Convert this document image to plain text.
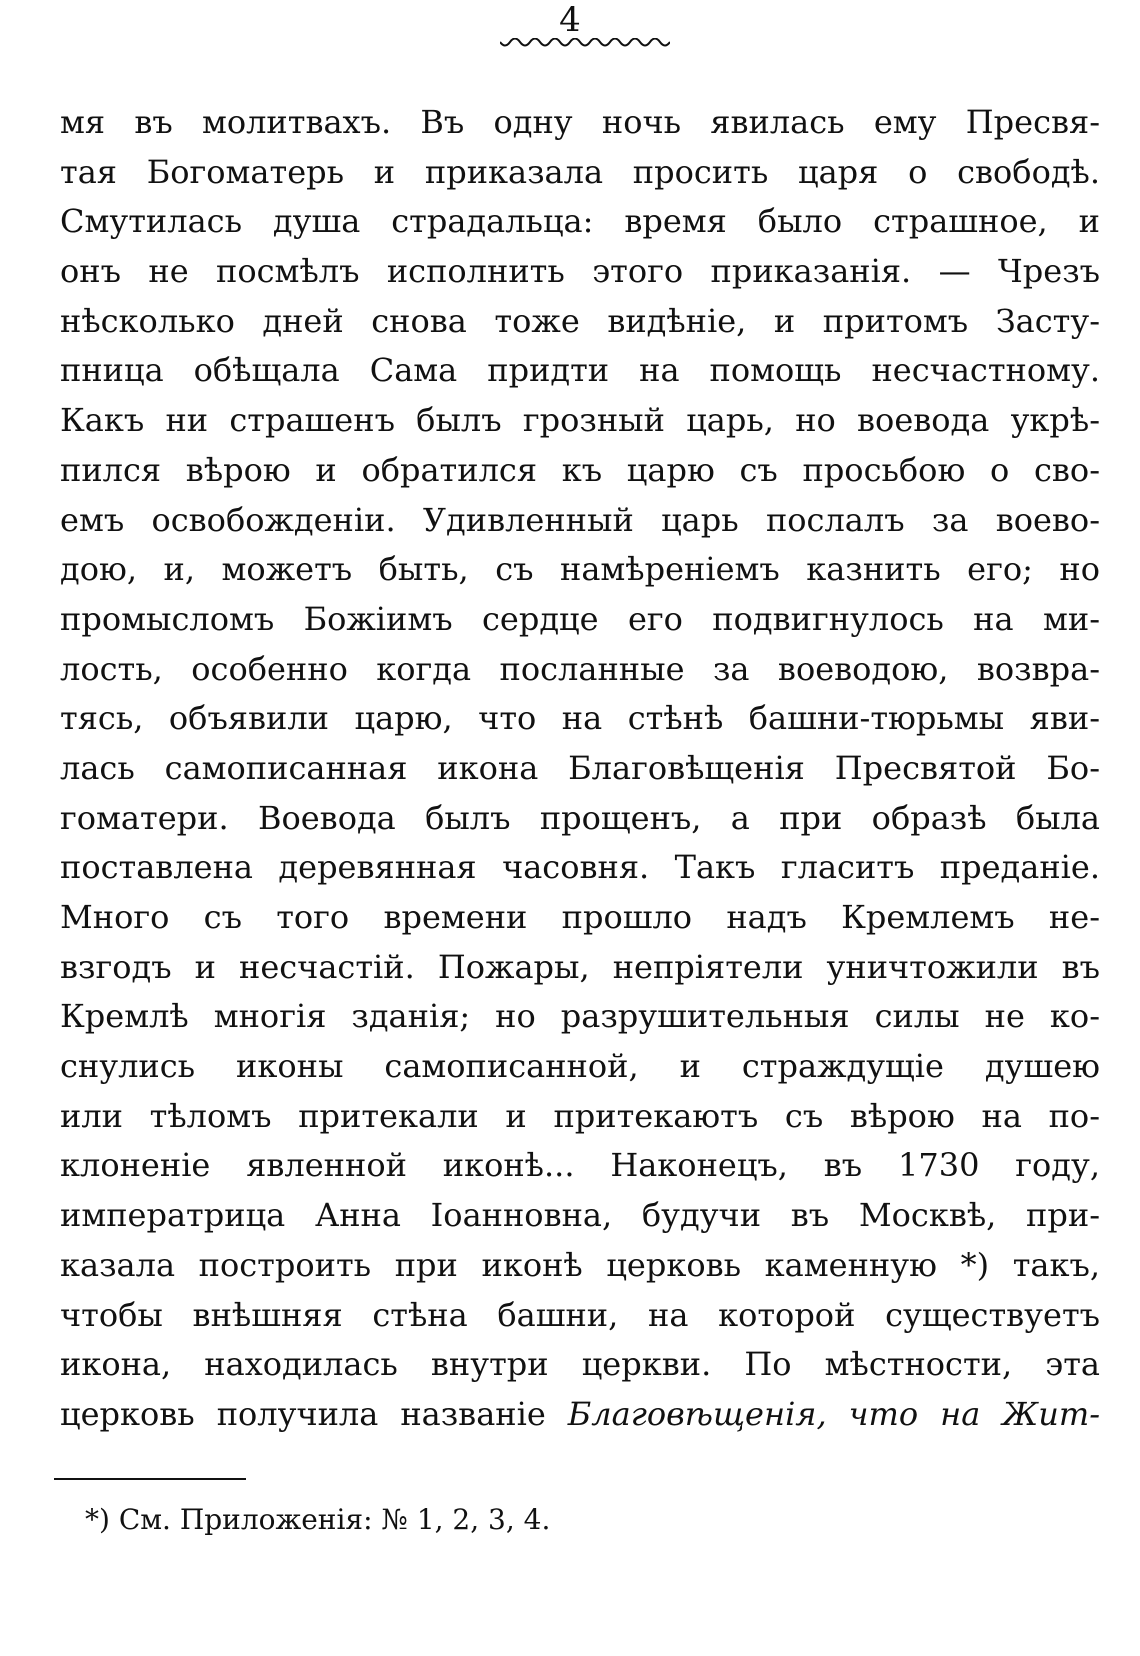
4
мя въ молитвахъ. Въ одну ночь явилась ему Пресвя-
тая Богоматерь и приказала просить царя о свободѣ.
Смутилась душа страдальца: время было страшное, и
онъ не посмѣлъ исполнить этого приказанія. — Чрезъ
нѣсколько дней снова тоже видѣніе, и притомъ Засту-
пница обѣщала Сама придти на помощь несчастному.
Какъ ни страшенъ былъ грозный царь, но воевода укрѣ-
пился вѣрою и обратился къ царю съ просьбою о сво-
емъ освобожденіи. Удивленный царь послалъ за воево-
дою, и, можетъ быть, съ намѣреніемъ казнить его; но
промысломъ Божіимъ сердце его подвигнулось на ми-
лость, особенно когда посланные за воеводою, возвра-
тясь, объявили царю, что на стѣнѣ башни-тюрьмы яви-
лась самописанная икона Благовѣщенія Пресвятой Бо-
гоматери. Воевода былъ прощенъ, а при образѣ была
поставлена деревянная часовня. Такъ гласитъ преданіе.
Много съ того времени прошло надъ Кремлемъ не-
взгодъ и несчастій. Пожары, непріятели уничтожили въ
Кремлѣ многія зданія; но разрушительныя силы не ко-
снулись иконы самописанной, и страждущіе душею
или тѣломъ притекали и притекаютъ съ вѣрою на по-
клоненіе явленной иконѣ... Наконецъ, въ 1730 году,
императрица Анна Іоанновна, будучи въ Москвѣ, при-
казала построить при иконѣ церковь каменную *) такъ,
чтобы внѣшняя стѣна башни, на которой существуетъ
икона, находилась внутри церкви. По мѣстности, эта
церковь получила названіе Благовѣщенія, что на Жит-
*) См. Приложенія: № 1, 2, 3, 4.
